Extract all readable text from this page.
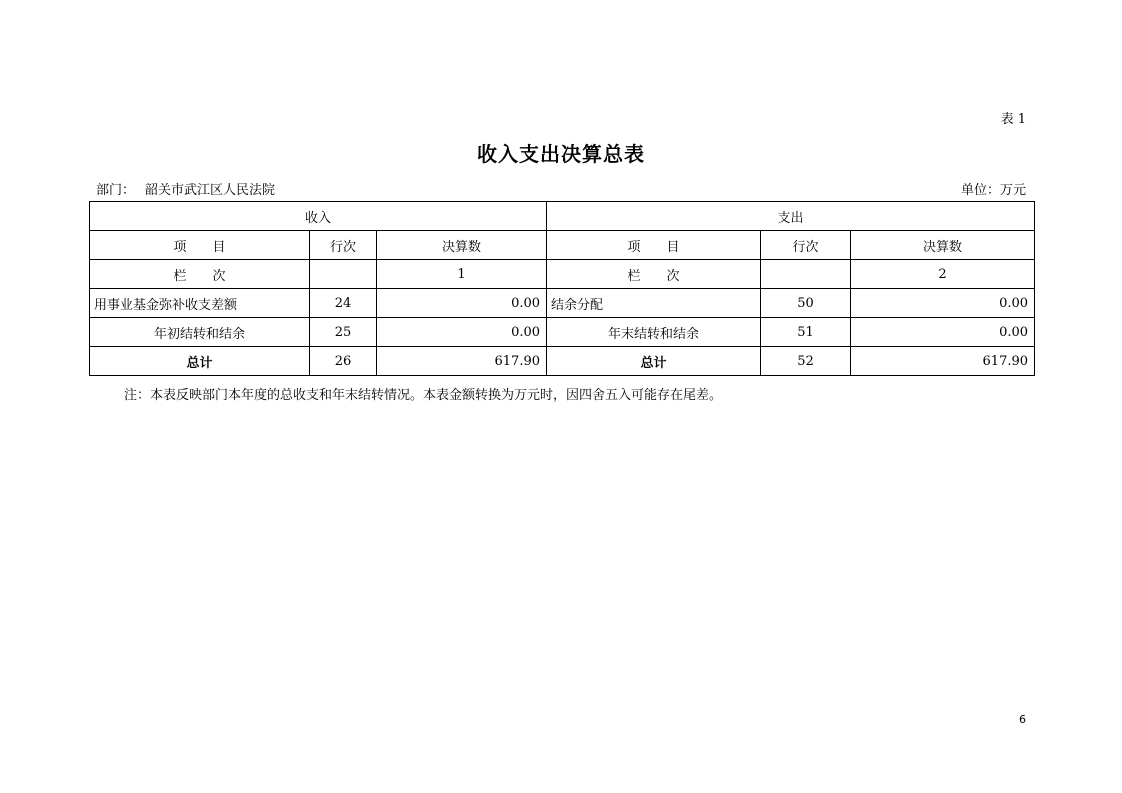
表 1
收入支出决算总表
部门： 韶关市武江区人民法院	单位：万元
收入			支出		
项　　目	行次	决算数	项　　目	行次	决算数
栏　　次		1	栏　　次		2
用事业基金弥补收支差额	24	0.00	结余分配	50	0.00
年初结转和结余	25	0.00	年末结转和结余	51	0.00
总计	26	617.90	总计	52	617.90
注：本表反映部门本年度的总收支和年末结转情况。本表金额转换为万元时，因四舍五入可能存在尾差。
6
